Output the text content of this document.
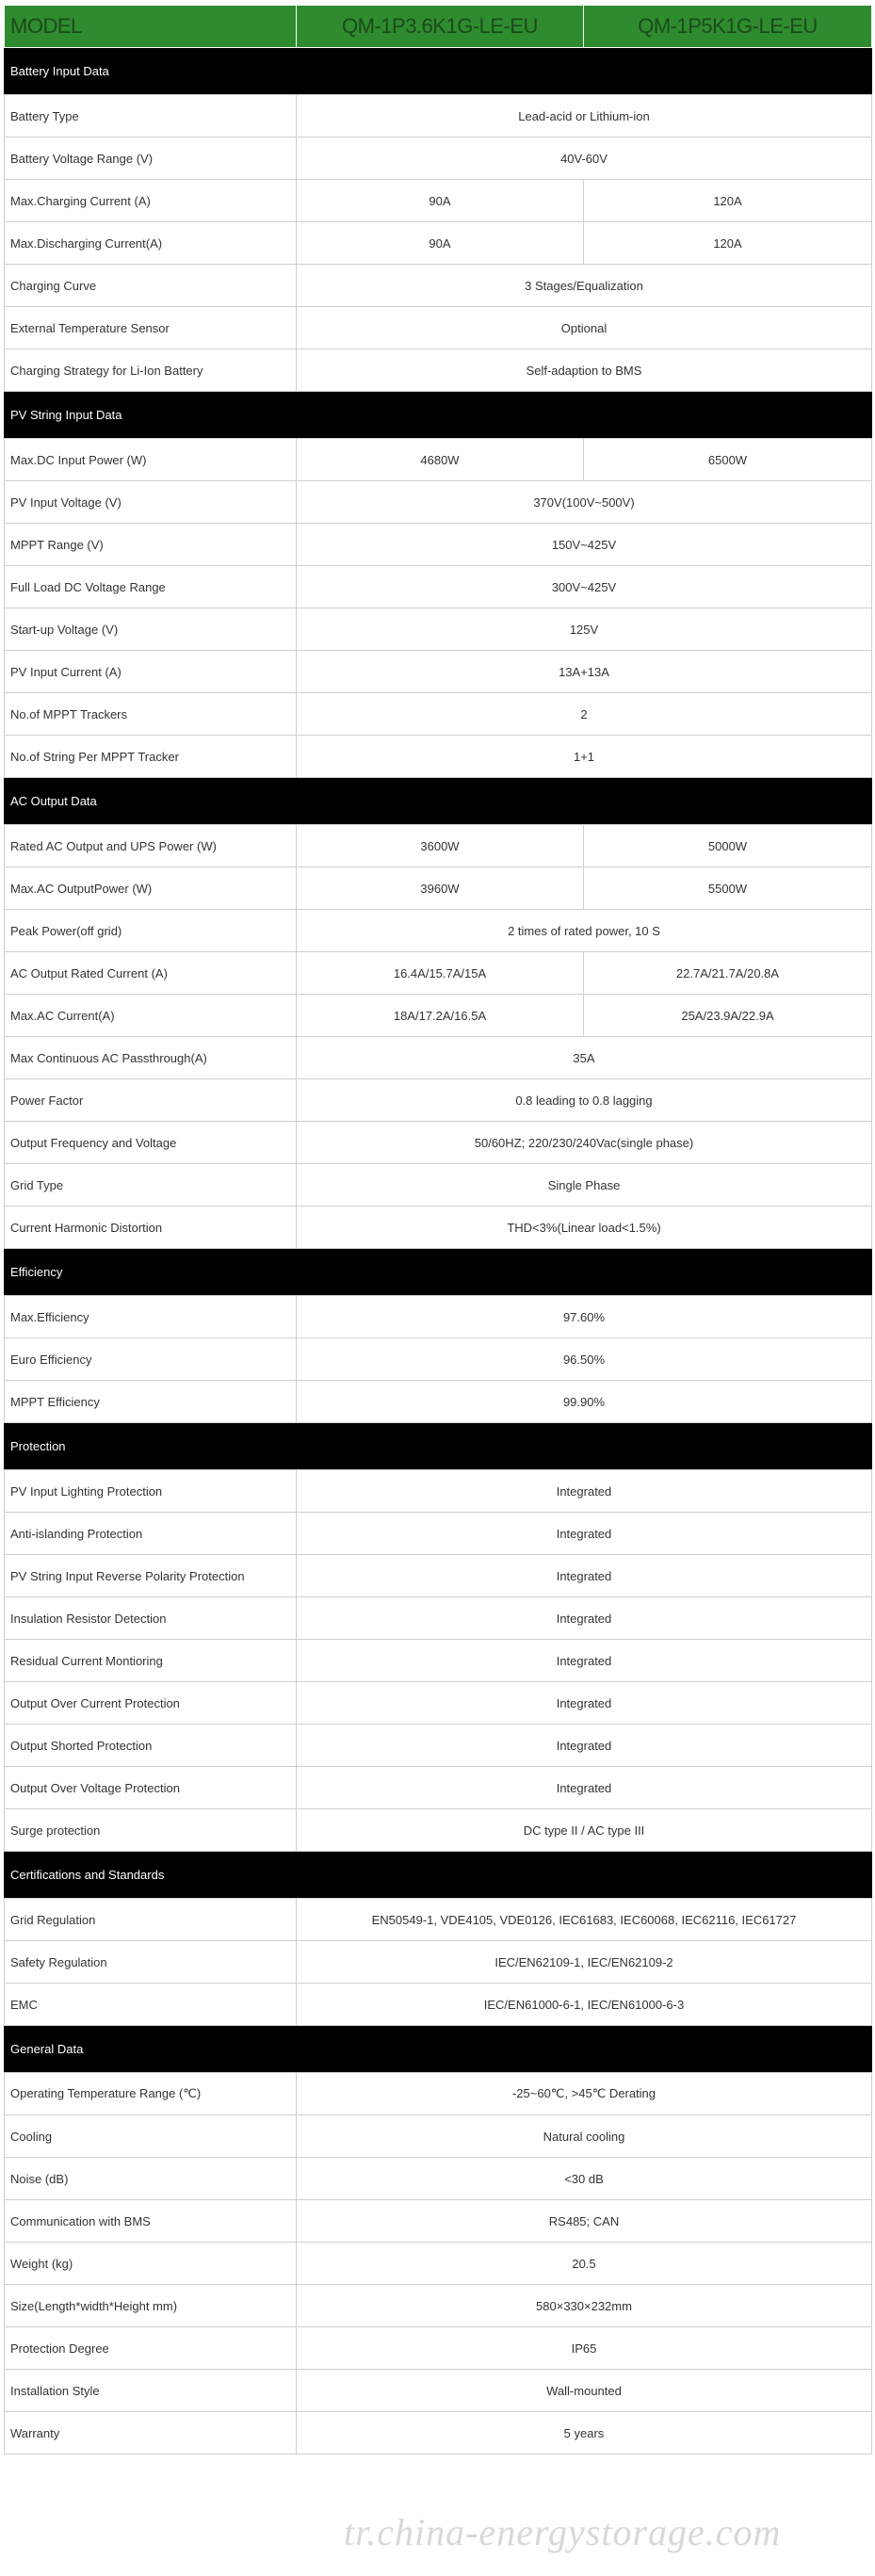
MODEL	QM-1P3.6K1G-LE-EU	QM-1P5K1G-LE-EU
Battery Input Data		
Battery Type	Lead-acid or Lithium-ion	
Battery Voltage Range (V)	40V-60V	
Max.Charging Current (A)	90A	120A
Max.Discharging Current(A)	90A	120A
Charging Curve	3 Stages/Equalization	
External Temperature Sensor	Optional	
Charging Strategy for Li-Ion Battery	Self-adaption to BMS	
PV String Input Data		
Max.DC Input Power (W)	4680W	6500W
PV Input Voltage (V)	370V(100V~500V)	
MPPT Range (V)	150V~425V	
Full Load DC Voltage Range	300V~425V	
Start-up Voltage (V)	125V	
PV Input Current (A)	13A+13A	
No.of MPPT Trackers	2	
No.of String Per MPPT Tracker	1+1	
AC Output Data		
Rated AC Output and UPS Power (W)	3600W	5000W
Max.AC OutputPower (W)	3960W	5500W
Peak Power(off grid)	2 times of rated power, 10 S	
AC Output Rated Current (A)	16.4A/15.7A/15A	22.7A/21.7A/20.8A
Max.AC Current(A)	18A/17.2A/16.5A	25A/23.9A/22.9A
Max Continuous AC Passthrough(A)	35A	
Power Factor	0.8 leading to 0.8 lagging	
Output Frequency and Voltage	50/60HZ; 220/230/240Vac(single phase)	
Grid Type	Single Phase	
Current Harmonic Distortion	THD<3%(Linear load<1.5%)	
Efficiency		
Max.Efficiency	97.60%	
Euro Efficiency	96.50%	
MPPT Efficiency	99.90%	
Protection		
PV Input Lighting Protection	Integrated	
Anti-islanding Protection	Integrated	
PV String Input Reverse Polarity Protection	Integrated	
Insulation Resistor Detection	Integrated	
Residual Current Montioring	Integrated	
Output Over Current Protection	Integrated	
Output Shorted Protection	Integrated	
Output Over Voltage Protection	Integrated	
Surge protection	DC type II / AC type III	
Certifications and Standards		
Grid Regulation	EN50549-1, VDE4105, VDE0126, IEC61683, IEC60068, IEC62116, IEC61727	
Safety Regulation	IEC/EN62109-1, IEC/EN62109-2	
EMC	IEC/EN61000-6-1, IEC/EN61000-6-3	
General Data		
Operating Temperature Range (℃)	-25~60℃, >45℃ Derating	
Cooling	Natural cooling	
Noise (dB)	<30 dB	
Communication with BMS	RS485; CAN	
Weight (kg)	20.5	
Size(Length*width*Height mm)	580×330×232mm	
Protection Degree	IP65	
Installation Style	Wall-mounted	
Warranty	5 years	
tr.china-energystorage.com
